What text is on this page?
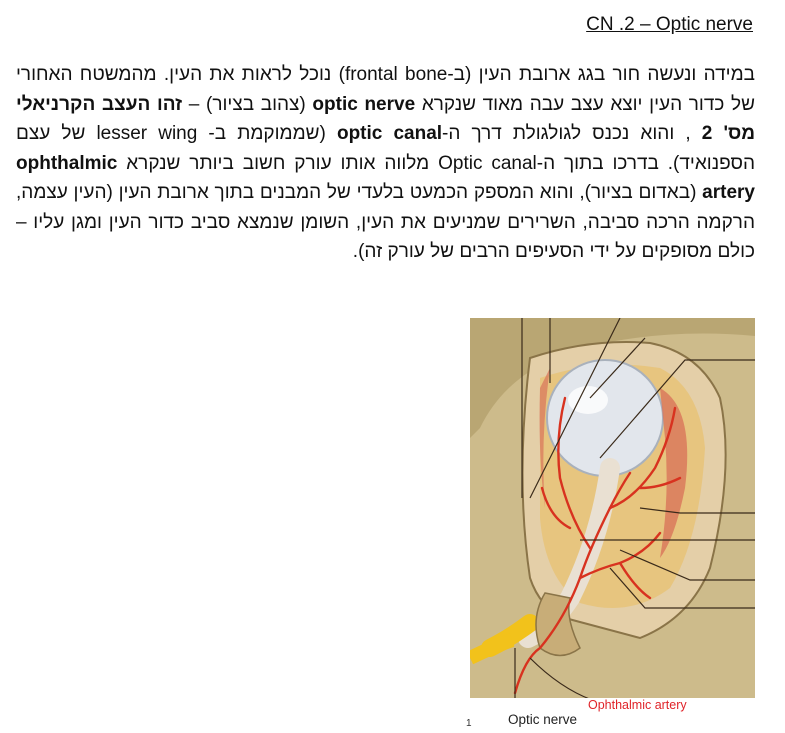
CN .2 – Optic nerve
במידה ונעשה חור בגג ארובת העין (ב-frontal bone) נוכל לראות את העין. מהמשטח האחורי של כדור העין יוצא עצב עבה מאוד שנקרא optic nerve (צהוב בציור) – זהו העצב הקרניאלי מס' 2 , והוא נכנס לגולגולת דרך ה-optic canal (שממוקמת ב- lesser wing של עצם הספנואיד). בדרכו בתוך ה-Optic canal מלווה אותו עורק חשוב ביותר שנקרא ophthalmic artery (באדום בציור), והוא המספק הכמעט בלעדי של המבנים בתוך ארובת העין (העין עצמה, הרקמה הרכה סביבה, השרירים שמניעים את העין, השומן שנמצא סביב כדור העין ומגן עליו – כולם מסופקים על ידי הסעיפים הרבים של עורק זה).
Ophthalmic artery
Optic nerve
1
